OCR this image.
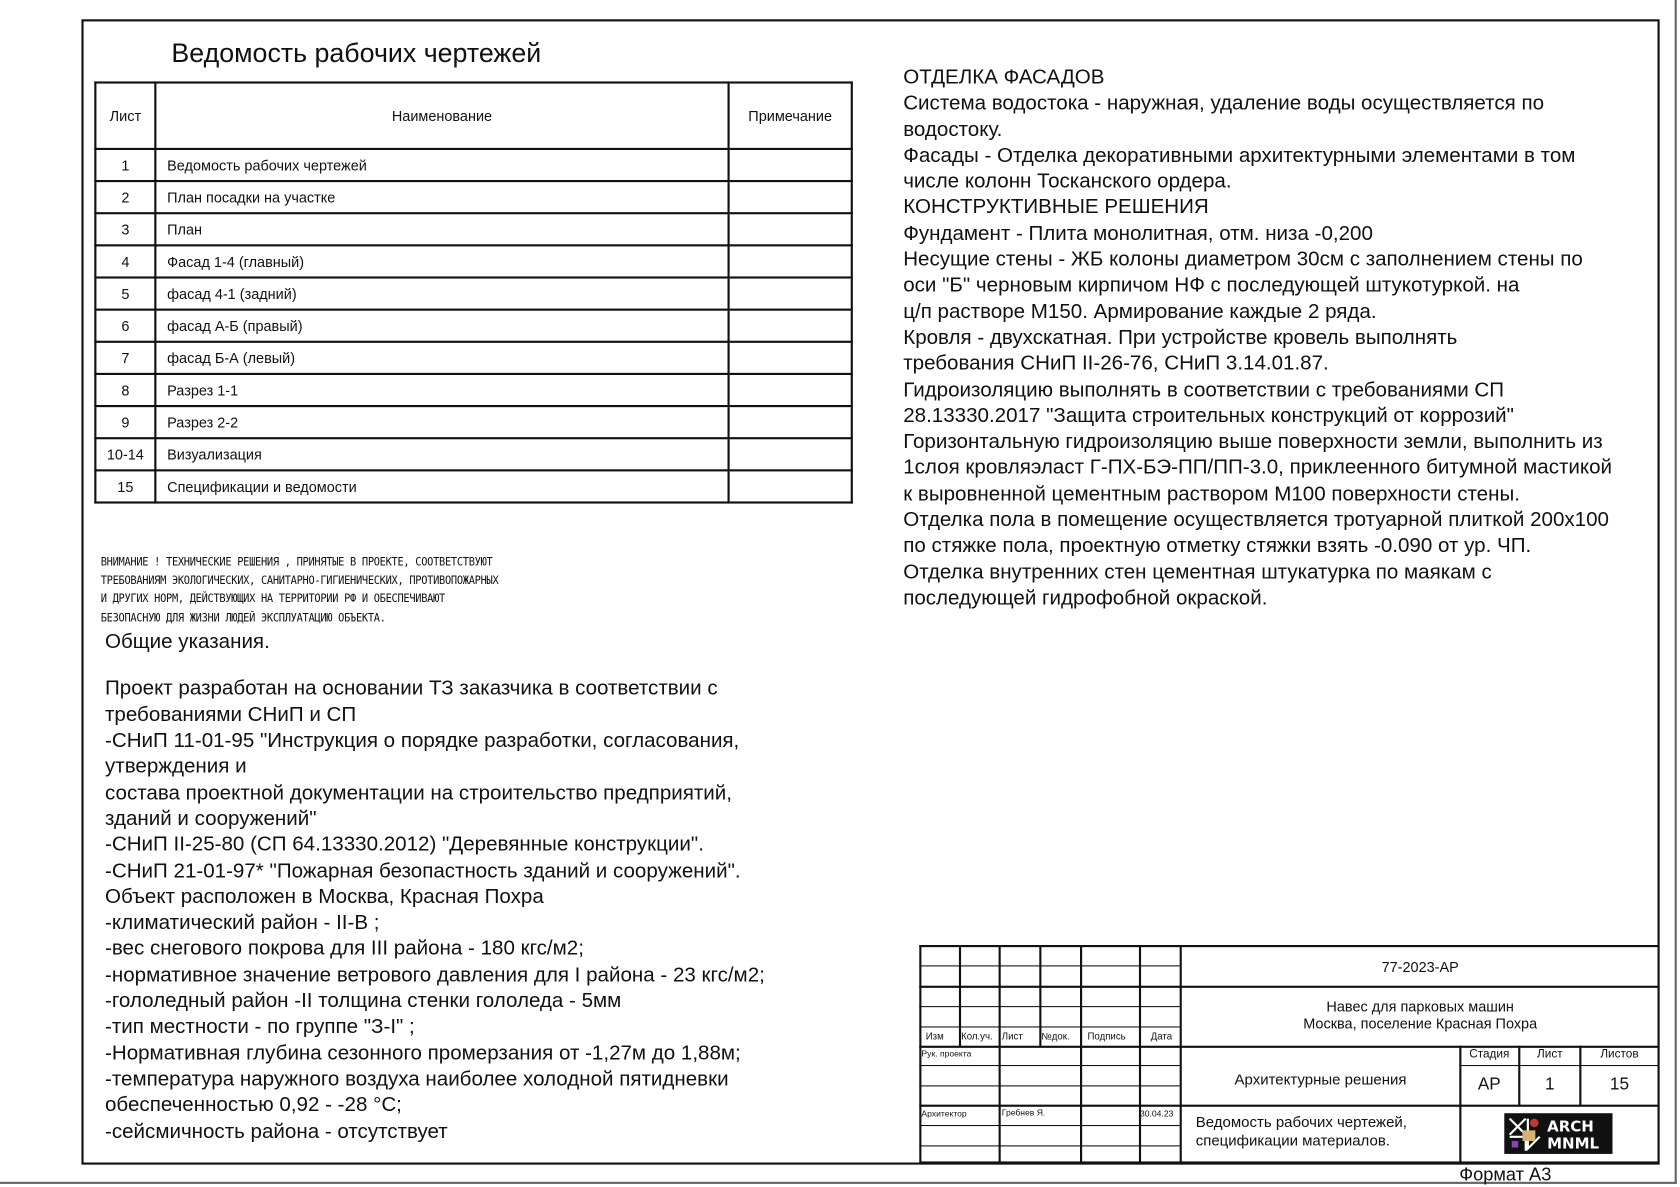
Ведомость рабочих чертежей
Лист	Наименование	Примечание
1	Ведомость рабочих чертежей	
2	План посадки на участке	
3	План	
4	Фасад 1-4 (главный)	
5	фасад 4-1 (задний)	
6	фасад А-Б (правый)	
7	фасад Б-А (левый)	
8	Разрез 1-1	
9	Разрез 2-2	
10-14	Визуализация	
15	Спецификации и ведомости	
ВНИМАНИЕ ! ТЕХНИЧЕСКИЕ РЕШЕНИЯ , ПРИНЯТЫЕ В ПРОЕКТЕ, СООТВЕТСТВУЮТ
ТРЕБОВАНИЯМ ЭКОЛОГИЧЕСКИХ, САНИТАРНО-ГИГИЕНИЧЕСКИХ, ПРОТИВОПОЖАРНЫХ
И ДРУГИХ НОРМ, ДЕЙСТВУЮЩИХ НА ТЕРРИТОРИИ РФ И ОБЕСПЕЧИВАЮТ
БЕЗОПАСНУЮ ДЛЯ ЖИЗНИ ЛЮДЕЙ ЭКСПЛУАТАЦИЮ ОБЪЕКТА.
Общие указания.
Проект разработан на основании ТЗ заказчика в соответствии с
требованиями СНиП и СП
-СНиП 11-01-95 "Инструкция о порядке разработки, согласования,
утверждения и
состава проектной документации на строительство предприятий,
зданий и сооружений"
-СНиП II-25-80 (СП 64.13330.2012) "Деревянные конструкции".
-СНиП 21-01-97* "Пожарная безопастность зданий и сооружений".
Объект расположен в Москва, Красная Похра
-климатический район - II-В ;
-вес снегового покрова для III района - 180 кгс/м2;
-нормативное значение ветрового давления для I района - 23 кгс/м2;
-гололедный район -II толщина стенки гололеда - 5мм
-тип местности - по группе "З-I" ;
-Нормативная глубина сезонного промерзания от -1,27м до 1,88м;
-температура наружного воздуха наиболее холодной пятидневки
обеспеченностью 0,92 - -28 °С;
-сейсмичность района - отсутствует
ОТДЕЛКА ФАСАДОВ
Система водостока - наружная, удаление воды осуществляется по
водостоку.
Фасады - Отделка декоративными архитектурными элементами в том
числе колонн Тосканского ордера.
КОНСТРУКТИВНЫЕ РЕШЕНИЯ
Фундамент - Плита монолитная, отм. низа -0,200
Несущие стены - ЖБ колоны диаметром 30см с заполнением стены по
оси "Б" черновым кирпичом НФ с последующей штукотуркой. на
ц/п растворе М150. Армирование каждые 2 ряда.
Кровля - двухскатная. При устройстве кровель выполнять
требования СНиП II-26-76, СНиП 3.14.01.87.
Гидроизоляцию выполнять в соответствии с требованиями СП
28.13330.2017 "Защита строительных конструкций от коррозий"
Горизонтальную гидроизоляцию выше поверхности земли, выполнить из
1слоя кровляэласт Г-ПХ-БЭ-ПП/ПП-3.0, приклеенного битумной мастикой
к выровненной цементным раствором М100 поверхности стены.
Отделка пола в помещение осуществляется тротуарной плиткой 200х100
по стяжке пола, проектную отметку стяжки взять -0.090 от ур. ЧП.
Отделка внутренних стен цементная штукатурка по маякам с
последующей гидрофобной окраской.
Изм Кол.уч. Лист №док. Подпись	Дата
Рук. проекта
Архитектор	Гребнев Я.	30.04.23
77-2023-АР
Навес для парковых машин
Москва, поселение Красная Похра
Архитектурные решения
Стадия	Лист	Листов
АР	1	15
Ведомость рабочих чертежей,
спецификации материалов.
ARCH
MNML
Формат А3
